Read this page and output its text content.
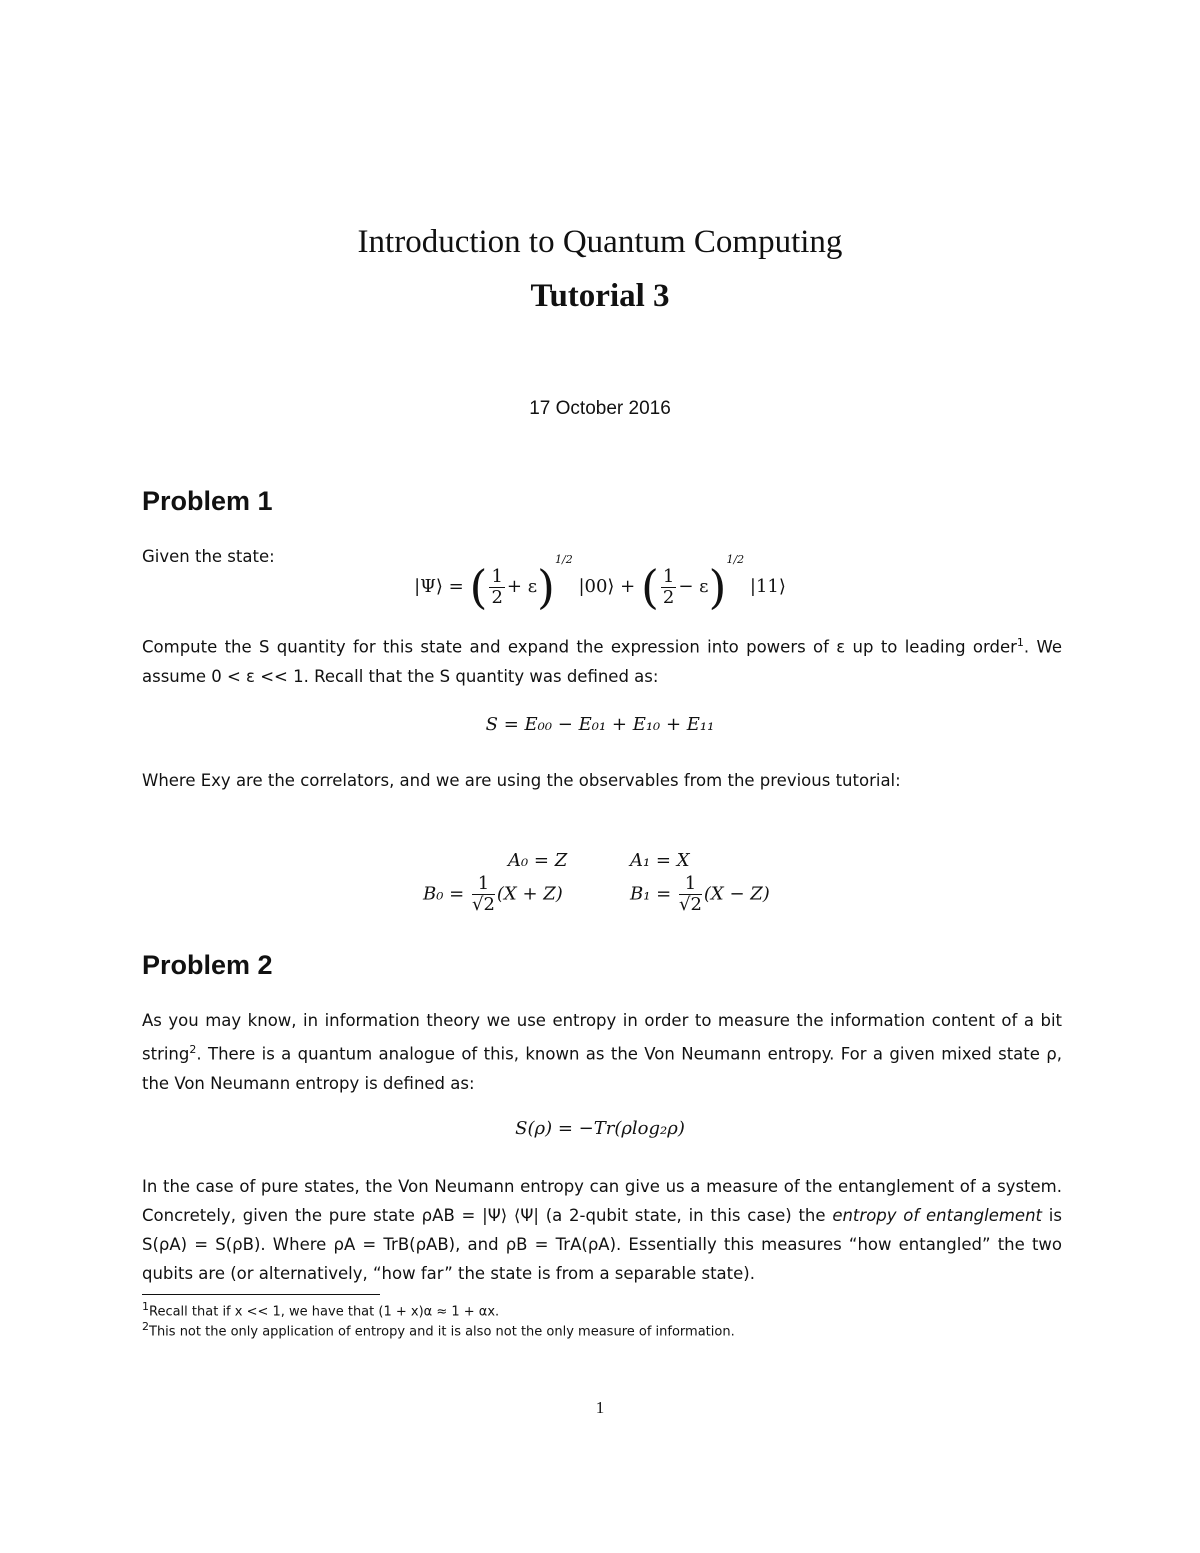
Introduction to Quantum Computing
Tutorial 3
17 October 2016
Problem 1
Given the state:
|Ψ⟩ = ( $\frac{1}{2} + \varepsilon)^{1/2}$ |00⟩ + ( $\frac{1}{2} - \varepsilon)^{1/2}$ |11⟩
Compute the S quantity for this state and expand the expression into powers of ε up to leading order$^1$. We assume 0 < ε << 1. Recall that the S quantity was defined as:
S = E₀₀ − E₀₁ + E₁₀ + E₁₁
Where Exy are the correlators, and we are using the observables from the previous tutorial:
A₀ = Z	A₁ = X
$B_0 = \frac{1}{√2} (X + Z)$	$B_1 = \frac{1}{√2} (X - Z)$
Problem 2
As you may know, in information theory we use entropy in order to measure the information content of a bit string$^2$. There is a quantum analogue of this, known as the Von Neumann entropy. For a given mixed state ρ, the Von Neumann entropy is defined as:
S(ρ) = −Tr(ρlog₂ρ)
In the case of pure states, the Von Neumann entropy can give us a measure of the entanglement of a system. Concretely, given the pure state ρAB = |Ψ⟩ ⟨Ψ| (a 2-qubit state, in this case) the entropy of entanglement is S(ρA) = S(ρB). Where ρA = TrB(ρAB), and ρB = TrA(ρA). Essentially this measures “how entangled” the two qubits are (or alternatively, “how far” the state is from a separable state).
$^1$Recall that if x << 1, we have that (1 + x)α ≈ 1 + αx.
$^2$This not the only application of entropy and it is also not the only measure of information.
1
